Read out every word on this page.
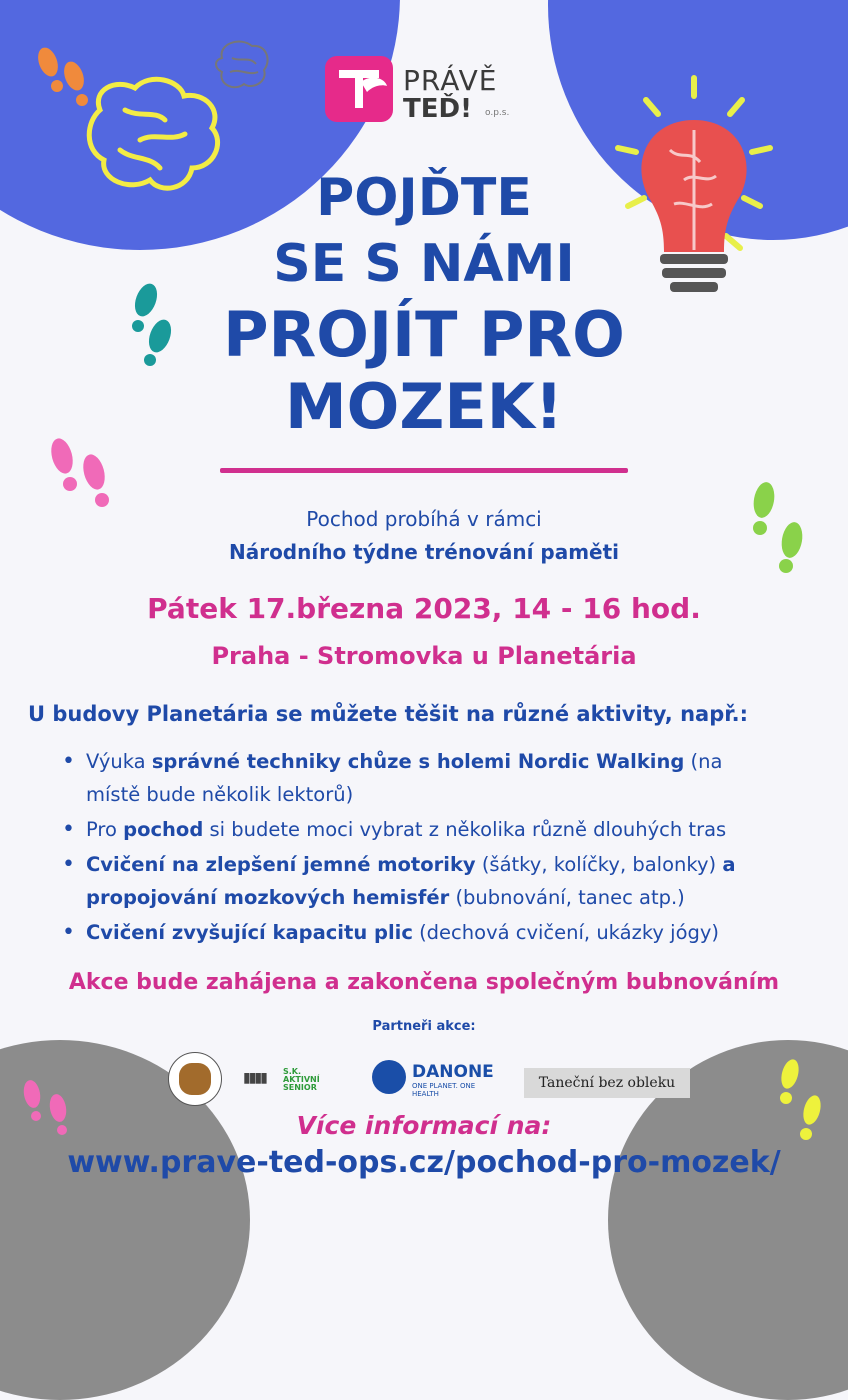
PRÁVĚ
TEĎ! o.p.s.
POJĎTE
SE S NÁMI
PROJÍT PRO
MOZEK!
Pochod probíhá v rámci
Národního týdne trénování paměti
Pátek 17.března 2023, 14 - 16 hod.
Praha - Stromovka u Planetária
U budovy Planetária se můžete těšit na různé aktivity, např.:
• Výuka správné techniky chůze s holemi Nordic Walking (na místě bude několik lektorů)
• Pro pochod si budete moci vybrat z několika různě dlouhých tras
• Cvičení na zlepšení jemné motoriky (šátky, kolíčky, balonky) a propojování mozkových hemisfér (bubnování, tanec atp.)
• Cvičení zvyšující kapacitu plic (dechová cvičení, ukázky jógy)
Akce bude zahájena a zakončena společným bubnováním
Partneři akce:
▮▮▮▮ S.K.
AKTIVNÍ
SENIOR
DANONE
ONE PLANET. ONE HEALTH
Taneční bez obleku
Více informací na:
www.prave-ted-ops.cz/pochod-pro-mozek/
